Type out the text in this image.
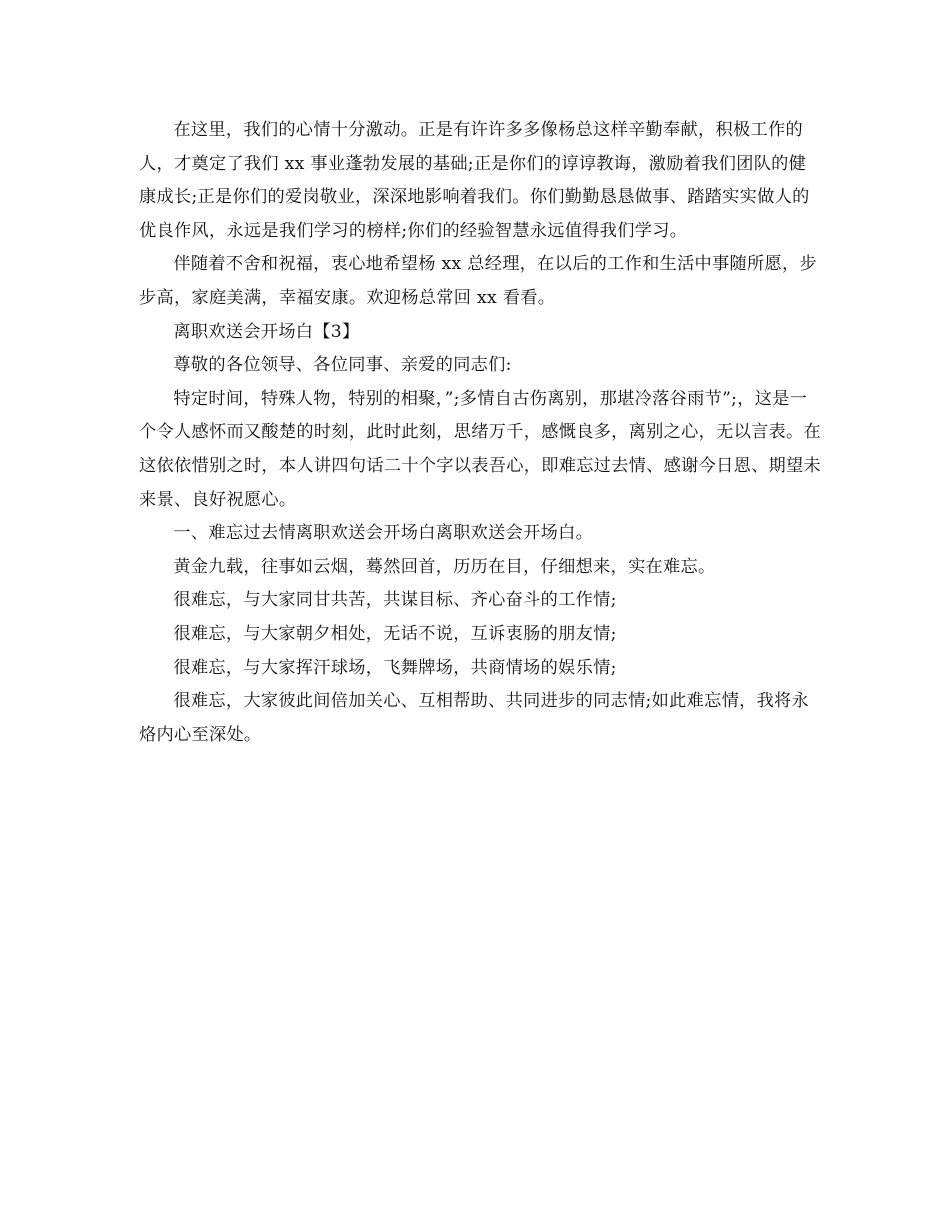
在这里，我们的心情十分激动。正是有许许多多像杨总这样辛勤奉献，积极工作的人，才奠定了我们 xx 事业蓬勃发展的基础;正是你们的谆谆教诲，激励着我们团队的健康成长;正是你们的爱岗敬业，深深地影响着我们。你们勤勤恳恳做事、踏踏实实做人的优良作风，永远是我们学习的榜样;你们的经验智慧永远值得我们学习。

伴随着不舍和祝福，衷心地希望杨 xx 总经理，在以后的工作和生活中事随所愿，步步高，家庭美满，幸福安康。欢迎杨总常回 xx 看看。

离职欢送会开场白【3】

尊敬的各位领导、各位同事、亲爱的同志们:

特定时间，特殊人物，特别的相聚，”;多情自古伤离别，那堪冷落谷雨节”;，这是一个令人感怀而又酸楚的时刻，此时此刻，思绪万千，感慨良多，离别之心，无以言表。在这依依惜别之时，本人讲四句话二十个字以表吾心，即难忘过去情、感谢今日恩、期望未来景、良好祝愿心。

一、难忘过去情离职欢送会开场白离职欢送会开场白。

黄金九载，往事如云烟，蓦然回首，历历在目，仔细想来，实在难忘。

很难忘，与大家同甘共苦，共谋目标、齐心奋斗的工作情;

很难忘，与大家朝夕相处，无话不说，互诉衷肠的朋友情;

很难忘，与大家挥汗球场，飞舞牌场，共商情场的娱乐情;

很难忘，大家彼此间倍加关心、互相帮助、共同进步的同志情;如此难忘情，我将永烙内心至深处。
